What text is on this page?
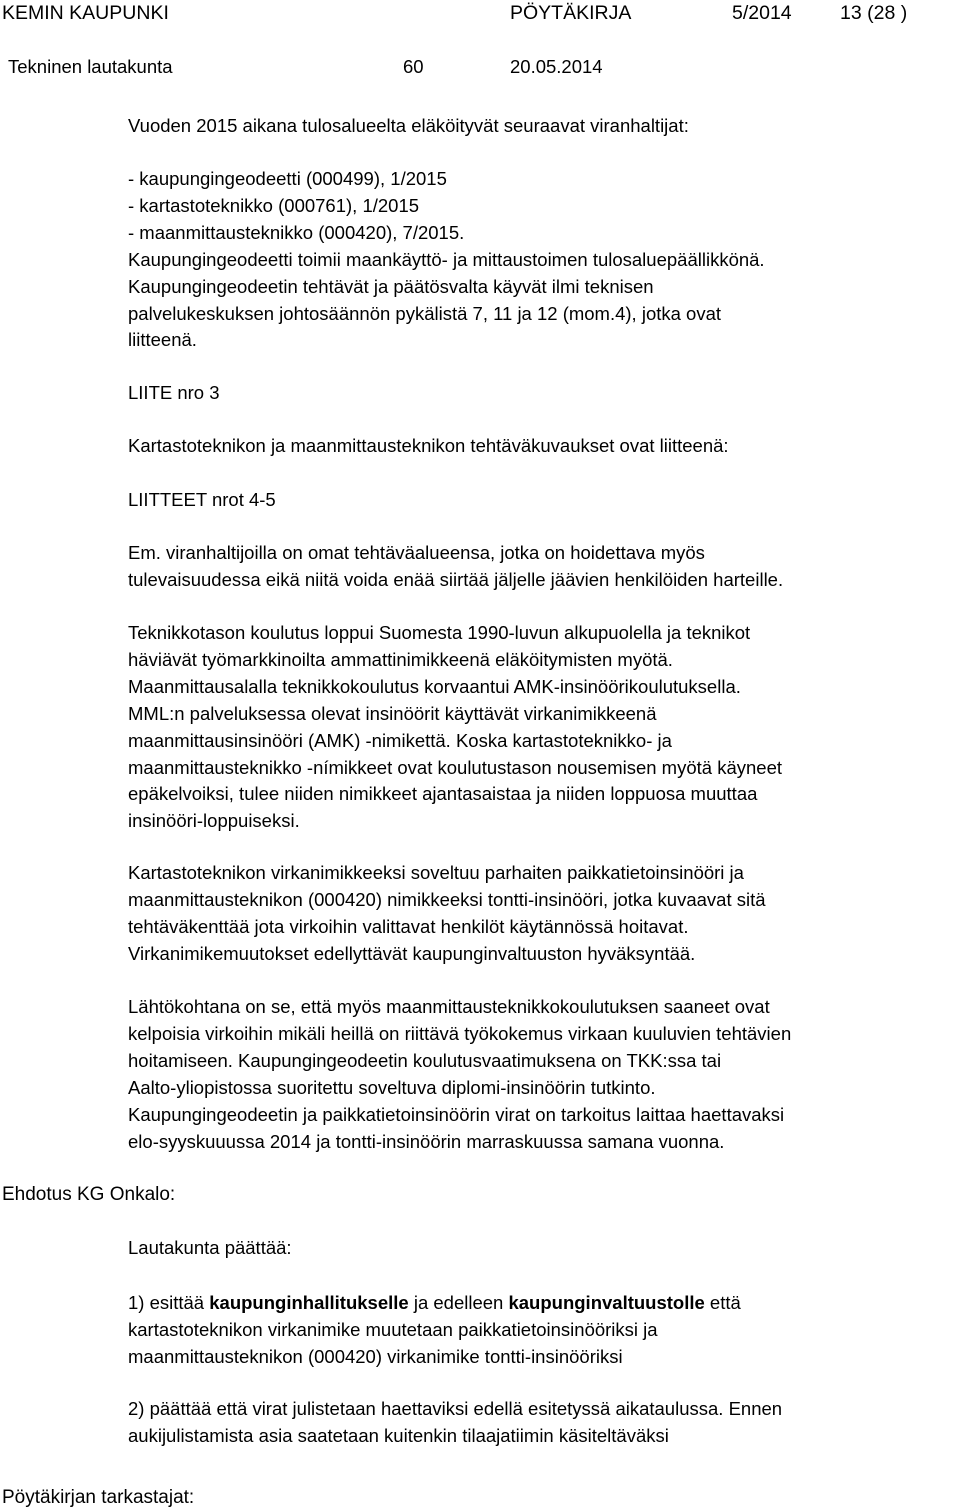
KEMIN KAUPUNKI	PÖYTÄKIRJA	5/2014 13 (28 )
Tekninen lautakunta	60	20.05.2014
Vuoden 2015 aikana tulosalueelta eläköityvät seuraavat viranhaltijat:
- kaupungingeodeetti (000499), 1/2015
- kartastoteknikko (000761), 1/2015
- maanmittausteknikko (000420), 7/2015.
Kaupungingeodeetti toimii maankäyttö- ja mittaustoimen tulosaluepäällikkönä.
Kaupungingeodeetin tehtävät ja päätösvalta käyvät ilmi teknisen
palvelukeskuksen johtosäännön pykälistä 7, 11 ja 12 (mom.4), jotka ovat
liitteenä.
LIITE nro 3
Kartastoteknikon ja maanmittausteknikon tehtäväkuvaukset ovat liitteenä:
LIITTEET nrot 4-5
Em. viranhaltijoilla on omat tehtäväalueensa, jotka on hoidettava myös
tulevaisuudessa eikä niitä voida enää siirtää jäljelle jäävien henkilöiden harteille.
Teknikkotason koulutus loppui Suomesta 1990-luvun alkupuolella ja teknikot
häviävät työmarkkinoilta ammattinimikkeenä eläköitymisten myötä.
Maanmittausalalla teknikkokoulutus korvaantui AMK-insinöörikoulutuksella.
MML:n palveluksessa olevat insinöörit käyttävät virkanimikkeenä
maanmittausinsinööri (AMK) -nimikettä. Koska kartastoteknikko- ja
maanmittausteknikko -nímikkeet ovat koulutustason nousemisen myötä käyneet
epäkelvoiksi, tulee niiden nimikkeet ajantasaistaa ja niiden loppuosa muuttaa
insinööri-loppuiseksi.
Kartastoteknikon virkanimikkeeksi soveltuu parhaiten paikkatietoinsinööri ja
maanmittausteknikon (000420) nimikkeeksi tontti-insinööri, jotka kuvaavat sitä
tehtäväkenttää jota virkoihin valittavat henkilöt käytännössä hoitavat.
Virkanimikemuutokset edellyttävät kaupunginvaltuuston hyväksyntää.
Lähtökohtana on se, että myös maanmittausteknikkokoulutuksen saaneet ovat
kelpoisia virkoihin mikäli heillä on riittävä työkokemus virkaan kuuluvien tehtävien
hoitamiseen. Kaupungingeodeetin koulutusvaatimuksena on TKK:ssa tai
Aalto-yliopistossa suoritettu soveltuva diplomi-insinöörin tutkinto.
Kaupungingeodeetin ja paikkatietoinsinöörin virat on tarkoitus laittaa haettavaksi
elo-syyskuuussa 2014 ja tontti-insinöörin marraskuussa samana vuonna.
Ehdotus KG Onkalo:
Lautakunta päättää:
1) esittää kaupunginhallitukselle ja edelleen kaupunginvaltuustolle että
kartastoteknikon virkanimike muutetaan paikkatietoinsinööriksi ja
maanmittausteknikon (000420) virkanimike tontti-insinööriksi
2) päättää että virat julistetaan haettaviksi edellä esitetyssä aikataulussa. Ennen
aukijulistamista asia saatetaan kuitenkin tilaajatiimin käsiteltäväksi
Pöytäkirjan tarkastajat:
